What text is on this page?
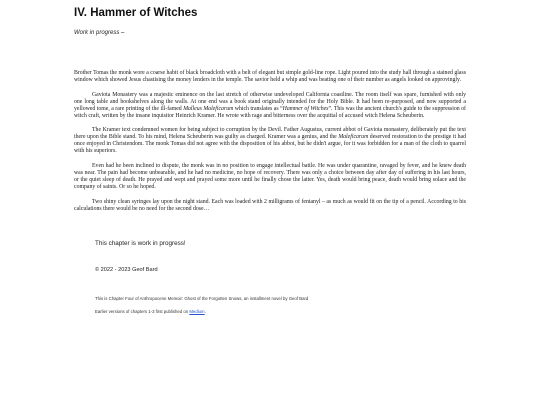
IV. Hammer of Witches
Work in progress –

Brother Tomas the monk wore a coarse habit of black broadcloth with a belt of elegant but simple gold-line rope. Light poured into the study hall through a stained glass window which showed Jesus chastising the money lenders in the temple. The savior held a whip and was beating one of their number as angels looked on approvingly.

Gaviota Monastery was a majestic eminence on the last stretch of otherwise undeveloped California coastline. The room itself was spare, furnished with only one long table and bookshelves along the walls. At one end was a book stand originally intended for the Holy Bible. It had been re-purposed, and now supported a yellowed tome, a rare printing of the ill-famed Malleus Maleficarum which translates as “Hammer of Witches”. This was the ancient church's guide to the suppression of witch craft, written by the insane inquisitor Heinrich Kramer. He wrote with rage and bitterness over the acquittal of accused witch Helena Scheuberin.

The Kramer text condemned women for being subject to corruption by the Devil. Father Augustus, current abbot of Gaviota monastery, deliberately put the text there upon the Bible stand. To his mind, Helena Scheuberin was guilty as charged. Kramer was a genius, and the Maleficarum deserved restoration to the prestige it had once enjoyed in Christendom. The monk Tomas did not agree with the disposition of his abbot, but he didn't argue, for it was forbidden for a man of the cloth to quarrel with his superiors.

Even had he been inclined to dispute, the monk was in no position to engage intellectual battle. He was under quarantine, ravaged by fever, and he knew death was near. The pain had become unbearable, and he had no medicine, no hope of recovery. There was only a choice between day after day of suffering in his last hours, or the quiet sleep of death. He prayed and wept and prayed some more until he finally chose the latter. Yes, death would bring peace, death would bring solace and the company of saints. Or so he hoped.

Two shiny clean syringes lay upon the night stand. Each was loaded with 2 milligrams of fentanyl – as much as would fit on the tip of a pencil. According to his calculations there would be no need for the second dose…

This chapter is work in progress!
© 2022 - 2023 Geof Bard
This is Chapter Four of Anthropocene Memoir: Ghost of the Forgotten Snows, an installment novel by Geof Bard
Earlier versions of chapters 1-3 first published on Medium.
